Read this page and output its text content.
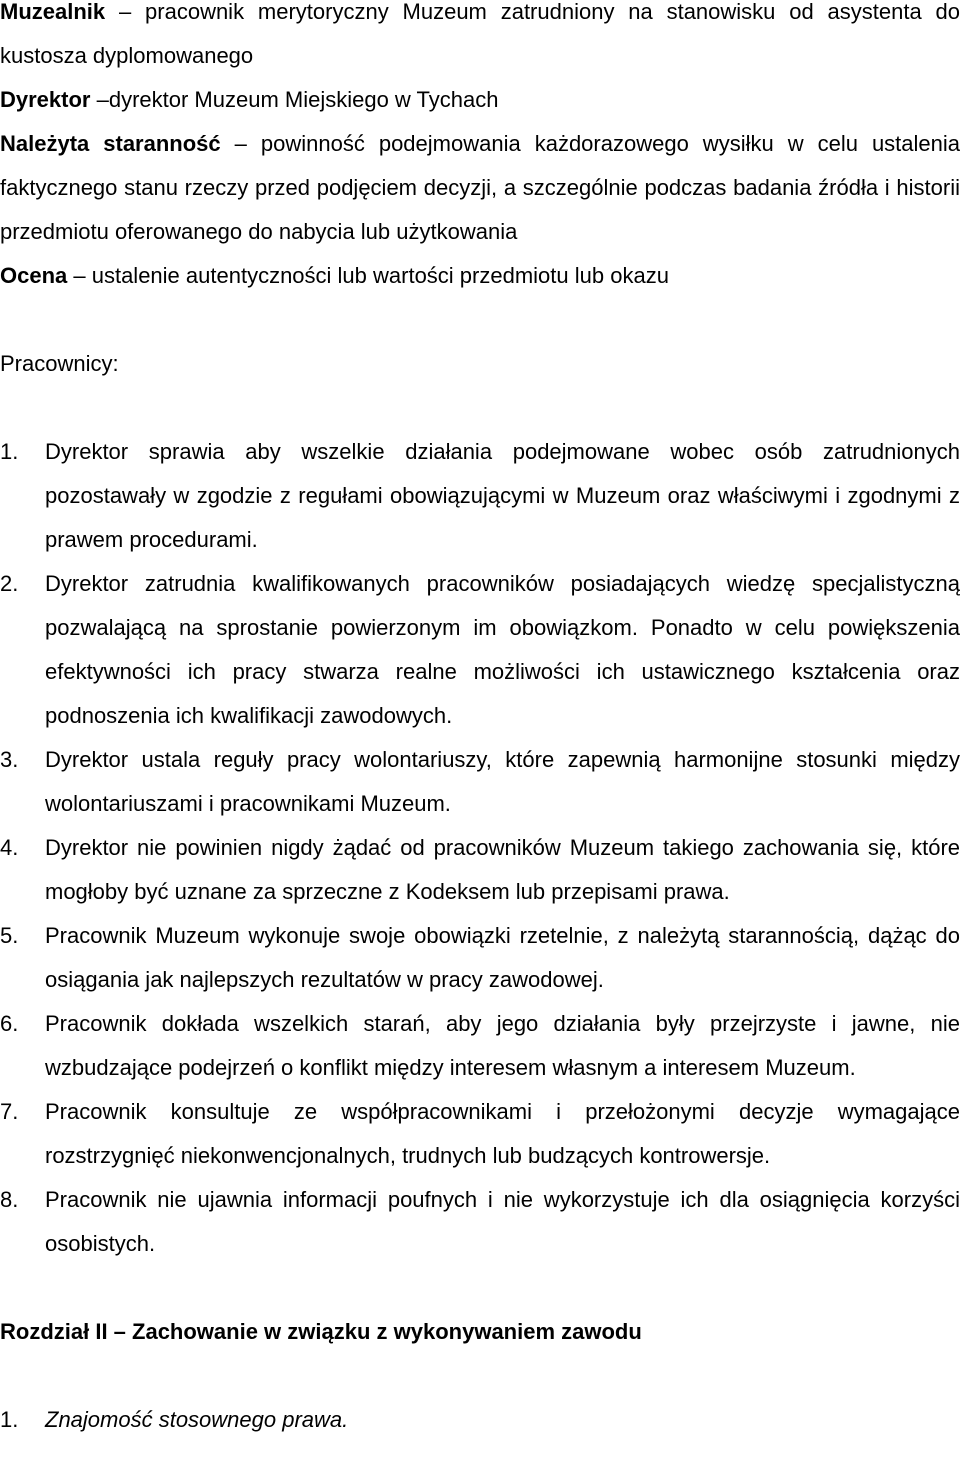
Muzealnik – pracownik merytoryczny Muzeum zatrudniony na stanowisku od asystenta do kustosza dyplomowanego

Dyrektor –dyrektor Muzeum Miejskiego w Tychach

Należyta staranność – powinność podejmowania każdorazowego wysiłku w celu ustalenia faktycznego stanu rzeczy przed podjęciem decyzji, a szczególnie podczas badania źródła i historii przedmiotu oferowanego do nabycia lub użytkowania

Ocena – ustalenie autentyczności lub wartości przedmiotu lub okazu

Pracownicy:

1. Dyrektor sprawia aby wszelkie działania podejmowane wobec osób zatrudnionych pozostawały w zgodzie z regułami obowiązującymi w Muzeum oraz właściwymi i zgodnymi z prawem procedurami.
2. Dyrektor zatrudnia kwalifikowanych pracowników posiadających wiedzę specjalistyczną pozwalającą na sprostanie powierzonym im obowiązkom. Ponadto w celu powiększenia efektywności ich pracy stwarza realne możliwości ich ustawicznego kształcenia oraz podnoszenia ich kwalifikacji zawodowych.
3. Dyrektor ustala reguły pracy wolontariuszy, które zapewnią harmonijne stosunki między wolontariuszami i pracownikami Muzeum.
4. Dyrektor nie powinien nigdy żądać od pracowników Muzeum takiego zachowania się, które mogłoby być uznane za sprzeczne z Kodeksem lub przepisami prawa.
5. Pracownik Muzeum wykonuje swoje obowiązki rzetelnie, z należytą starannością, dążąc do osiągania jak najlepszych rezultatów w pracy zawodowej.
6. Pracownik dokłada wszelkich starań, aby jego działania były przejrzyste i jawne, nie wzbudzające podejrzeń o konflikt między interesem własnym a interesem Muzeum.
7. Pracownik konsultuje ze współpracownikami i przełożonymi decyzje wymagające rozstrzygnięć niekonwencjonalnych, trudnych lub budzących kontrowersje.
8. Pracownik nie ujawnia informacji poufnych i nie wykorzystuje ich dla osiągnięcia korzyści osobistych.

Rozdział II – Zachowanie w związku z wykonywaniem zawodu

1. Znajomość stosownego prawa.
